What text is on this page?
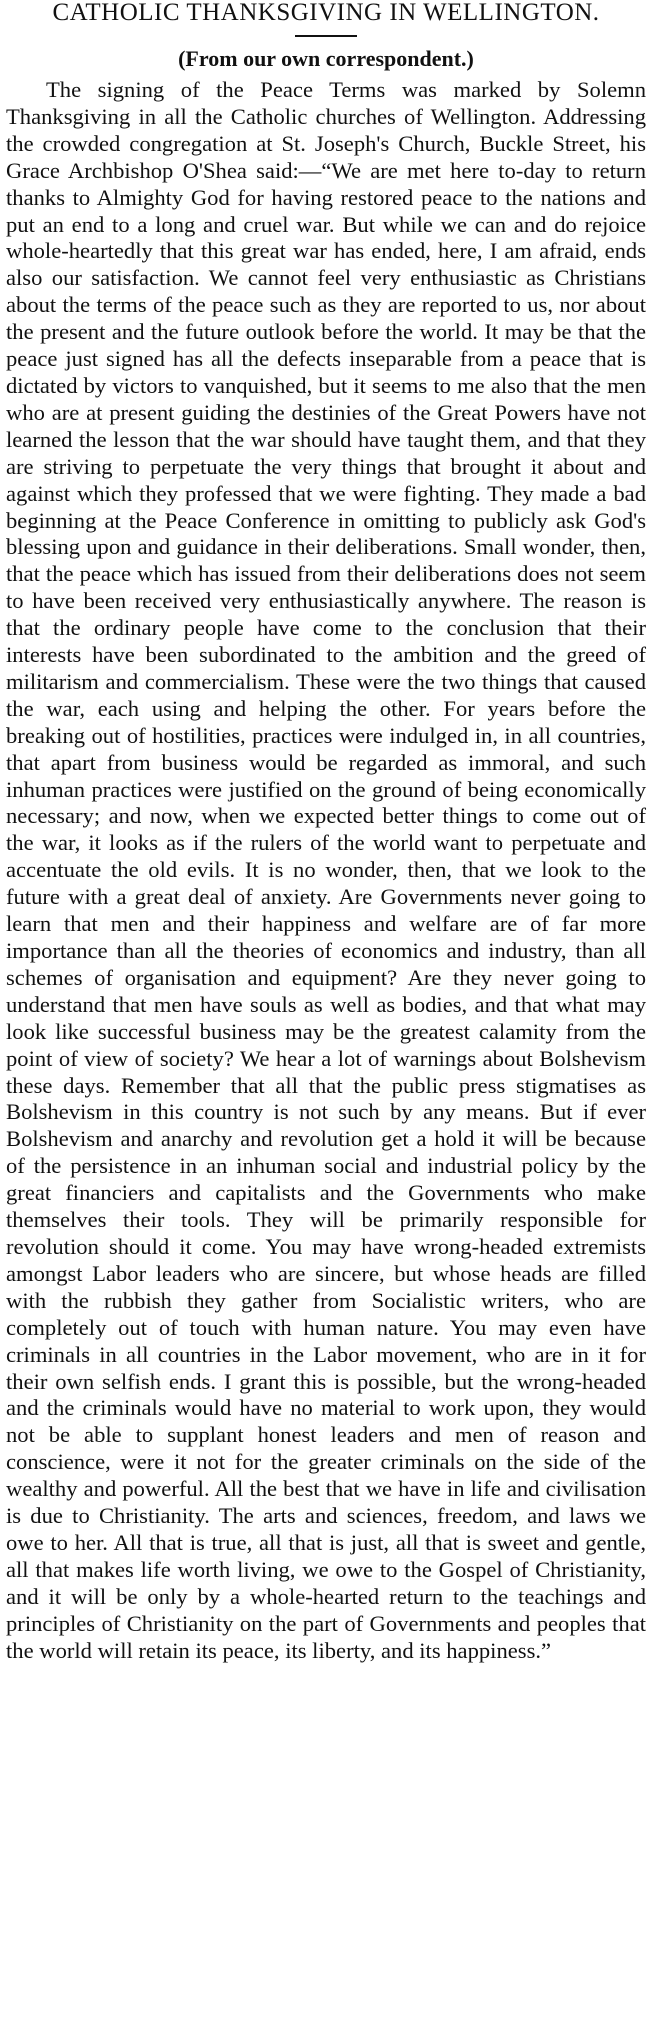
CATHOLIC THANKSGIVING IN WELLINGTON.
(From our own correspondent.)

The signing of the Peace Terms was marked by Solemn Thanksgiving in all the Catholic churches of Wellington. Addressing the crowded congregation at St. Joseph's Church, Buckle Street, his Grace Archbishop O'Shea said:—“We are met here to-day to return thanks to Almighty God for having restored peace to the nations and put an end to a long and cruel war. But while we can and do rejoice whole-heartedly that this great war has ended, here, I am afraid, ends also our satisfaction. We cannot feel very enthusiastic as Christians about the terms of the peace such as they are reported to us, nor about the present and the future outlook before the world. It may be that the peace just signed has all the defects inseparable from a peace that is dictated by victors to vanquished, but it seems to me also that the men who are at present guiding the destinies of the Great Powers have not learned the lesson that the war should have taught them, and that they are striving to perpetuate the very things that brought it about and against which they professed that we were fighting. They made a bad beginning at the Peace Conference in omitting to publicly ask God's blessing upon and guidance in their deliberations. Small wonder, then, that the peace which has issued from their deliberations does not seem to have been received very enthusiastically anywhere. The reason is that the ordinary people have come to the conclusion that their interests have been subordinated to the ambition and the greed of militarism and commercialism. These were the two things that caused the war, each using and helping the other. For years before the breaking out of hostilities, practices were indulged in, in all countries, that apart from business would be regarded as immoral, and such inhuman practices were justified on the ground of being economically necessary; and now, when we expected better things to come out of the war, it looks as if the rulers of the world want to perpetuate and accentuate the old evils. It is no wonder, then, that we look to the future with a great deal of anxiety. Are Governments never going to learn that men and their happiness and welfare are of far more importance than all the theories of economics and industry, than all schemes of organisation and equipment? Are they never going to understand that men have souls as well as bodies, and that what may look like successful business may be the greatest calamity from the point of view of society? We hear a lot of warnings about Bolshevism these days. Remember that all that the public press stigmatises as Bolshevism in this country is not such by any means. But if ever Bolshevism and anarchy and revolution get a hold it will be because of the persistence in an inhuman social and industrial policy by the great financiers and capitalists and the Governments who make themselves their tools. They will be primarily responsible for revolution should it come. You may have wrong-headed extremists amongst Labor leaders who are sincere, but whose heads are filled with the rubbish they gather from Socialistic writers, who are completely out of touch with human nature. You may even have criminals in all countries in the Labor movement, who are in it for their own selfish ends. I grant this is possible, but the wrong-headed and the criminals would have no material to work upon, they would not be able to supplant honest leaders and men of reason and conscience, were it not for the greater criminals on the side of the wealthy and powerful. All the best that we have in life and civilisation is due to Christianity. The arts and sciences, freedom, and laws we owe to her. All that is true, all that is just, all that is sweet and gentle, all that makes life worth living, we owe to the Gospel of Christianity, and it will be only by a whole-hearted return to the teachings and principles of Christianity on the part of Governments and peoples that the world will retain its peace, its liberty, and its happiness.”
